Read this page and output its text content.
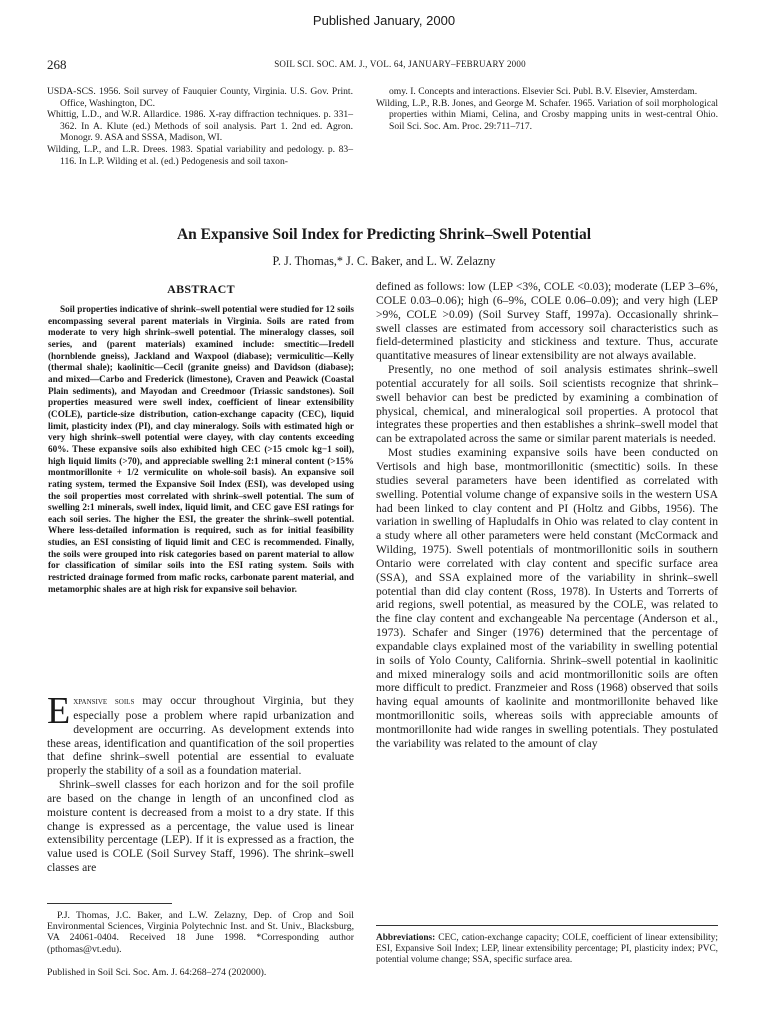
Published January, 2000
268	SOIL SCI. SOC. AM. J., VOL. 64, JANUARY–FEBRUARY 2000

USDA-SCS. 1956. Soil survey of Fauquier County, Virginia. U.S. Gov. Print. Office, Washington, DC.

Whittig, L.D., and W.R. Allardice. 1986. X-ray diffraction techniques. p. 331–362. In A. Klute (ed.) Methods of soil analysis. Part 1. 2nd ed. Agron. Monogr. 9. ASA and SSSA, Madison, WI.

Wilding, L.P., and L.R. Drees. 1983. Spatial variability and pedology. p. 83–116. In L.P. Wilding et al. (ed.) Pedogenesis and soil taxon-

omy. I. Concepts and interactions. Elsevier Sci. Publ. B.V. Elsevier, Amsterdam.

Wilding, L.P., R.B. Jones, and George M. Schafer. 1965. Variation of soil morphological properties within Miami, Celina, and Crosby mapping units in west-central Ohio. Soil Sci. Soc. Am. Proc. 29:711–717.

An Expansive Soil Index for Predicting Shrink–Swell Potential
P. J. Thomas,* J. C. Baker, and L. W. Zelazny
ABSTRACT

Soil properties indicative of shrink–swell potential were studied for 12 soils encompassing several parent materials in Virginia. Soils are rated from moderate to very high shrink–swell potential. The mineralogy classes, soil series, and (parent materials) examined include: smectitic—Iredell (hornblende gneiss), Jackland and Waxpool (diabase); vermiculitic—Kelly (thermal shale); kaolinitic—Cecil (granite gneiss) and Davidson (diabase); and mixed—Carbo and Frederick (limestone), Craven and Peawick (Coastal Plain sediments), and Mayodan and Creedmoor (Triassic sandstones). Soil properties measured were swell index, coefficient of linear extensibility (COLE), particle-size distribution, cation-exchange capacity (CEC), liquid limit, plasticity index (PI), and clay mineralogy. Soils with estimated high or very high shrink–swell potential were clayey, with clay contents exceeding 60%. These expansive soils also exhibited high CEC (>15 cmolc kg−1 soil), high liquid limits (>70), and appreciable swelling 2:1 mineral content (>15% montmorillonite + 1/2 vermiculite on whole-soil basis). An expansive soil rating system, termed the Expansive Soil Index (ESI), was developed using the soil properties most correlated with shrink–swell potential. The sum of swelling 2:1 minerals, swell index, liquid limit, and CEC gave ESI ratings for each soil series. The higher the ESI, the greater the shrink–swell potential. Where less-detailed information is required, such as for initial feasibility studies, an ESI consisting of liquid limit and CEC is recommended. Finally, the soils were grouped into risk categories based on parent material to allow for classification of similar soils into the ESI rating system. Soils with restricted drainage formed from mafic rocks, carbonate parent material, and metamorphic shales are at high risk for expansive soil behavior.

Expansive soils may occur throughout Virginia, but they especially pose a problem where rapid urbanization and development are occurring. As development extends into these areas, identification and quantification of the soil properties that define shrink–swell potential are essential to evaluate properly the stability of a soil as a foundation material.

Shrink–swell classes for each horizon and for the soil profile are based on the change in length of an unconfined clod as moisture content is decreased from a moist to a dry state. If this change is expressed as a percentage, the value used is linear extensibility percentage (LEP). If it is expressed as a fraction, the value used is COLE (Soil Survey Staff, 1996). The shrink–swell classes are

P.J. Thomas, J.C. Baker, and L.W. Zelazny, Dep. of Crop and Soil Environmental Sciences, Virginia Polytechnic Inst. and St. Univ., Blacksburg, VA 24061-0404. Received 18 June 1998. *Corresponding author (pthomas@vt.edu).

Published in Soil Sci. Soc. Am. J. 64:268–274 (202000).

defined as follows: low (LEP <3%, COLE <0.03); moderate (LEP 3–6%, COLE 0.03–0.06); high (6–9%, COLE 0.06–0.09); and very high (LEP >9%, COLE >0.09) (Soil Survey Staff, 1997a). Occasionally shrink–swell classes are estimated from accessory soil characteristics such as field-determined plasticity and stickiness and texture. Thus, accurate quantitative measures of linear extensibility are not always available.

Presently, no one method of soil analysis estimates shrink–swell potential accurately for all soils. Soil scientists recognize that shrink–swell behavior can best be predicted by examining a combination of physical, chemical, and mineralogical soil properties. A protocol that integrates these properties and then establishes a shrink–swell model that can be extrapolated across the same or similar parent materials is needed.

Most studies examining expansive soils have been conducted on Vertisols and high base, montmorillonitic (smectitic) soils. In these studies several parameters have been identified as correlated with swelling. Potential volume change of expansive soils in the western USA had been linked to clay content and PI (Holtz and Gibbs, 1956). The variation in swelling of Hapludalfs in Ohio was related to clay content in a study where all other parameters were held constant (McCormack and Wilding, 1975). Swell potentials of montmorillonitic soils in southern Ontario were correlated with clay content and specific surface area (SSA), and SSA explained more of the variability in shrink–swell potential than did clay content (Ross, 1978). In Usterts and Torrerts of arid regions, swell potential, as measured by the COLE, was related to the fine clay content and exchangeable Na percentage (Anderson et al., 1973). Schafer and Singer (1976) determined that the percentage of expandable clays explained most of the variability in swelling potential in soils of Yolo County, California. Shrink–swell potential in kaolinitic and mixed mineralogy soils and acid montmorillonitic soils are often more difficult to predict. Franzmeier and Ross (1968) observed that soils having equal amounts of kaolinite and montmorillonite behaved like montmorillonitic soils, whereas soils with appreciable amounts of montmorillonite had wide ranges in swelling potentials. They postulated the variability was related to the amount of clay

Abbreviations: CEC, cation-exchange capacity; COLE, coefficient of linear extensibility; ESI, Expansive Soil Index; LEP, linear extensibility percentage; PI, plasticity index; PVC, potential volume change; SSA, specific surface area.
